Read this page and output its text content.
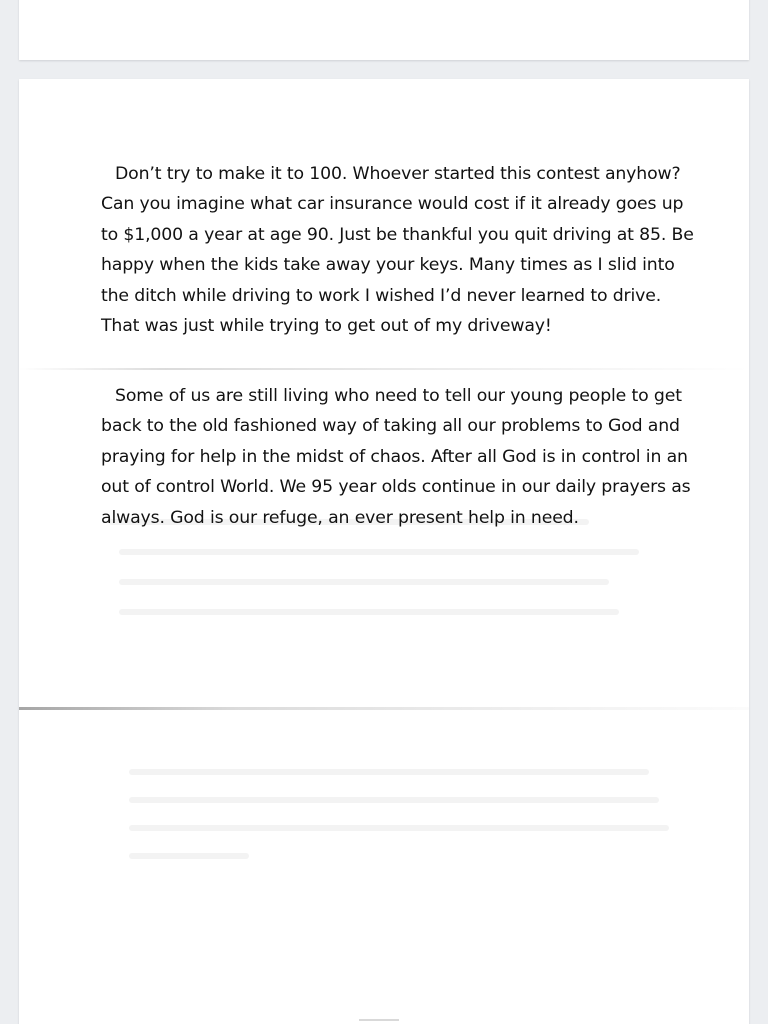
Don’t try to make it to 100. Whoever started this contest anyhow? Can you imagine what car insurance would cost if it already goes up to $1,000 a year at age 90. Just be thankful you quit driving at 85. Be happy when the kids take away your keys. Many times as I slid into the ditch while driving to work I wished I’d never learned to drive. That was just while trying to get out of my driveway!

Some of us are still living who need to tell our young people to get back to the old fashioned way of taking all our problems to God and praying for help in the midst of chaos. After all God is in control in an out of control World. We 95 year olds continue in our daily prayers as always. God is our refuge, an ever present help in need.
